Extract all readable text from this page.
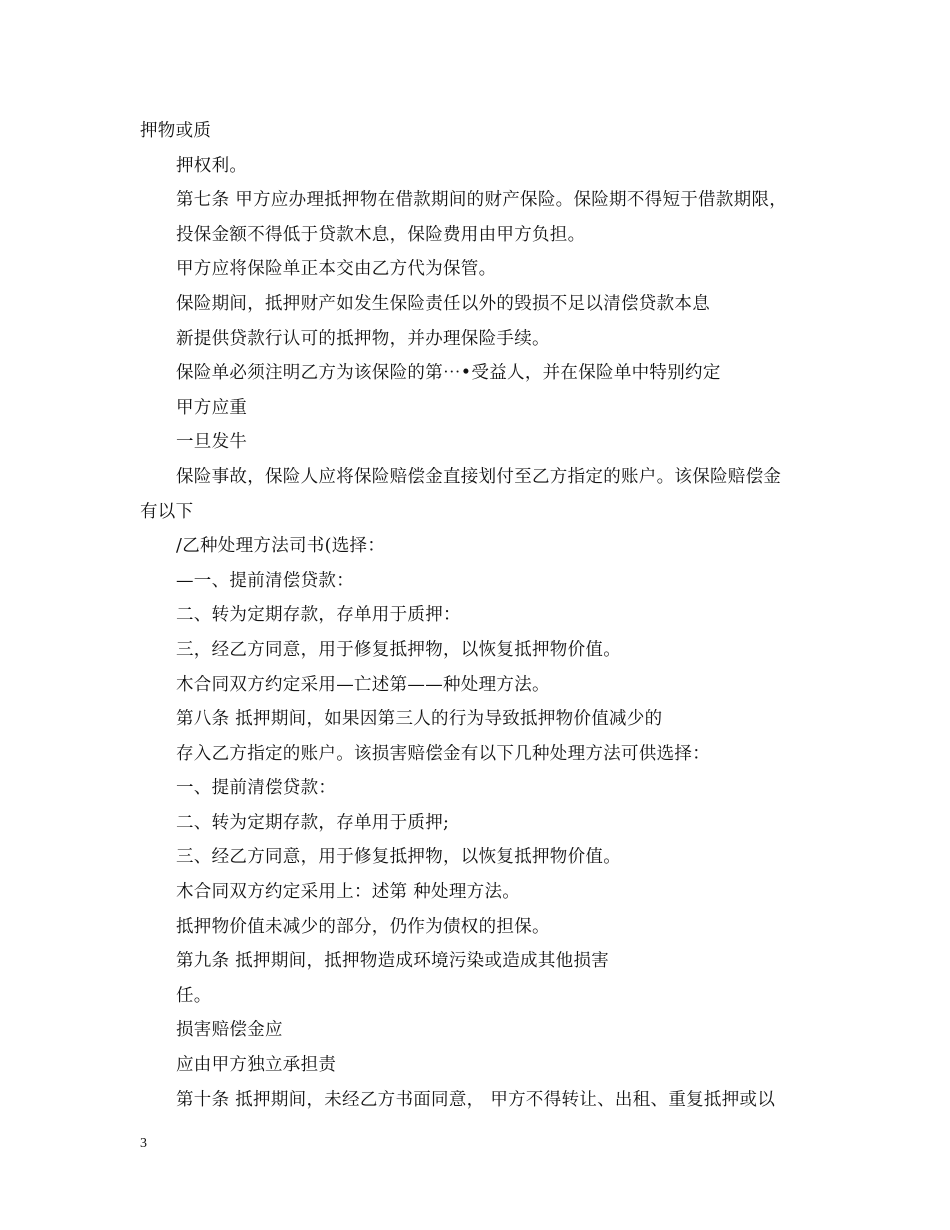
押物或质
押权利。
第七条 甲方应办理抵押物在借款期间的财产保险。保险期不得短于借款期限，
投保金额不得低于贷款木息，保险费用由甲方负担。
甲方应将保险单正本交由乙方代为保管。
保险期间，抵押财产如发生保险责任以外的毁损不足以清偿贷款本息
新提供贷款行认可的抵押物，并办理保险手续。
保险单必须注明乙方为该保险的第⋯•受益人，并在保险单中特别约定
甲方应重
一旦发牛
保险事故，保险人应将保险赔偿金直接划付至乙方指定的账户。该保险赔偿金
有以下
/乙种处理方法司书(选择：
—一、提前清偿贷款：
二、转为定期存款，存单用于质押：
三，经乙方同意，用于修复抵押物，以恢复抵押物价值。
木合同双方约定采用—亡述第——种处理方法。
第八条 抵押期间，如果因第三人的行为导致抵押物价值减少的
存入乙方指定的账户。该损害赔偿金有以下几种处理方法可供选择：
一、提前清偿贷款：
二、转为定期存款，存单用于质押;
三、经乙方同意，用于修复抵押物，以恢复抵押物价值。
木合同双方约定采用上：述第 种处理方法。
抵押物价值未减少的部分，仍作为债权的担保。
第九条 抵押期间，抵押物造成环境污染或造成其他损害
任。
损害赔偿金应
应由甲方独立承担责
第十条 抵押期间，未经乙方书面同意， 甲方不得转让、出租、重复抵押或以
3
